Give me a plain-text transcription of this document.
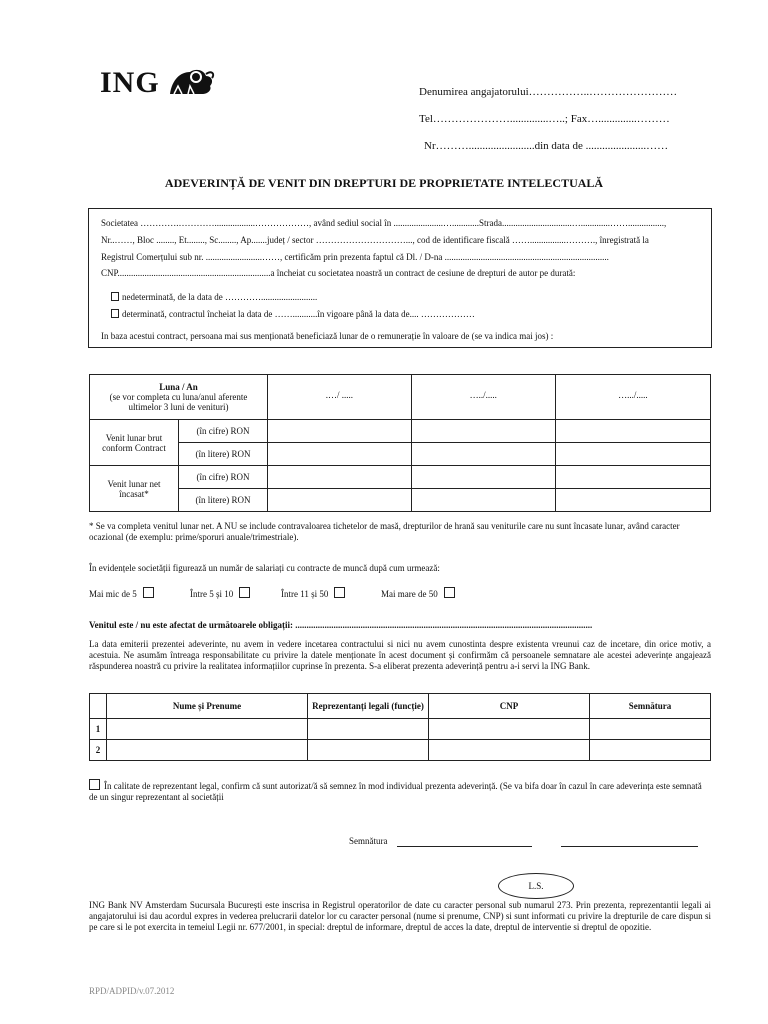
ING	Denumirea angajatorului……………..……………………
Tel…………………..............…..; Fax…..............………
Nr………........................din data de ......................……
ADEVERINȚĂ DE VENIT DIN DREPTURI DE PROPRIETATE INTELECTUALĂ
Societatea ………….…………..................………………, având sediul social în ......................…............Strada...............................….............……................,
Nr..……, Bloc ........, Et........, Sc........, Ap.......județ / sector …………………………..., cod de identificare fiscală ……................………., înregistrată la
Registrul Comerțului sub nr. .........................……, certificăm prin prezenta faptul că Dl. / D-na .........................................................................
CNP....................................................................a încheiat cu societatea noastră un contract de cesiune de drepturi de autor pe durată:
nedeterminată, de la data de ………….........................
determinată, contractul încheiat la data de ……...........în vigoare până la data de.... ………………
In baza acestui contract, persoana mai sus menționată beneficiază lunar de o remunerație în valoare de (se va indica mai jos) :
Luna / An
(se vor completa cu luna/anul aferente ultimelor 3 luni de venituri)		.…/ .....	…../.....	….../.....
Venit lunar brut conform Contract	(în cifre) RON			
	(în litere) RON			
Venit lunar net încasat*	(în cifre) RON			
	(în litere) RON			
* Se va completa venitul lunar net. A NU se include contravaloarea tichetelor de masă, drepturilor de hrană sau veniturile care nu sunt încasate lunar, având caracter ocazional (de exemplu: prime/sporuri anuale/trimestriale).
În evidențele societății figurează un număr de salariați cu contracte de muncă după cum urmează:
Mai mic de 5	Între 5 și 10	Între 11 și 50	Mai mare de 50
Venitul este / nu este afectat de următoarele obligații: ....................................................................................................................................
La data emiterii prezentei adeverinte, nu avem in vedere incetarea contractului si nici nu avem cunostinta despre existenta vreunui caz de incetare, din orice motiv, a acestuia. Ne asumăm întreaga responsabilitate cu privire la datele menționate în acest document și confirmăm că persoanele semnatare ale acestei adeverințe angajează răspunderea noastră cu privire la realitatea informațiilor cuprinse în prezenta. S-a eliberat prezenta adeverință pentru a-i servi la ING Bank.
	Nume și Prenume	Reprezentanți legali (funcție)	CNP	Semnătura
1				
2				
În calitate de reprezentant legal, confirm că sunt autorizat/ă să semnez în mod individual prezenta adeverință. (Se va bifa doar în cazul în care adeverința este semnată de un singur reprezentant al societății
Semnătura
L.S.
ING Bank NV Amsterdam Sucursala București este inscrisa in Registrul operatorilor de date cu caracter personal sub numarul 273. Prin prezenta, reprezentantii legali ai angajatorului isi dau acordul expres in vederea prelucrarii datelor lor cu caracter personal (nume si prenume, CNP) si sunt informati cu privire la drepturile de care dispun si pe care si le pot exercita in temeiul Legii nr. 677/2001, in special: dreptul de informare, dreptul de acces la date, dreptul de interventie si dreptul de opozitie.
RPD/ADPID/v.07.2012
